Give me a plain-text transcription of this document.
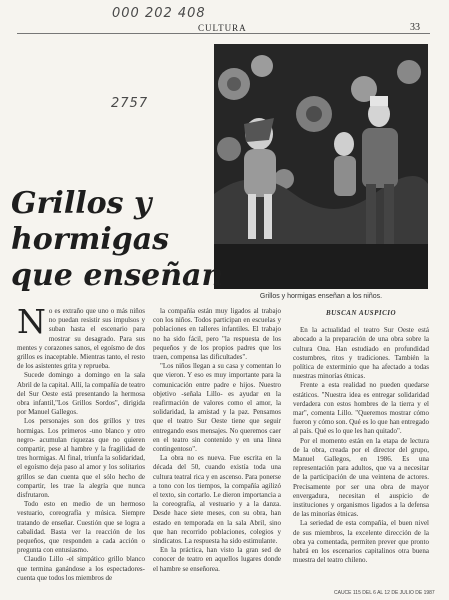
000 202 408
CULTURA	33
2757
Grillos y hormigas enseñan a los niños.
Grillos y hormigas que enseñan
N o es extraño que uno o más niños no puedan resistir sus impulsos y suban hasta el escenario para mostrar su desagrado. Para sus mentes y corazones sanos, el egoísmo de dos grillos es inaceptable. Mientras tanto, el resto de los asistentes grita y reprueba.

Sucede domingo a domingo en la sala Abril de la capital. Allí, la compañía de teatro del Sur Oeste está presentando la hermosa obra infantil,"Los Grillos Sordos", dirigida por Manuel Gallegos.

Los personajes son dos grillos y tres hormigas. Los primeros -uno blanco y otro negro- acumulan riquezas que no quieren compartir, pese al hambre y la fragilidad de tres hormigas. Al final, triunfa la solidaridad, el egoísmo deja paso al amor y los solitarios grillos se dan cuenta que el sólo hecho de compartir, les trae la alegría que nunca disfrutaron.

Todo esto en medio de un hermoso vestuario, coreografía y música. Siempre tratando de enseñar. Cuestión que se logra a cabalidad. Basta ver la reacción de los pequeños, que responden a cada acción o pregunta con entusiasmo.

Claudio Lillo -el simpático grillo blanco que termina ganándose a los espectadores- cuenta que todos los miembros de

la compañía están muy ligados al trabajo con los niños. Todos participan en escuelas y poblaciones en talleres infantiles. El trabajo no ha sido fácil, pero "la respuesta de los pequeños y de los propios padres que los traen, compensa las dificultades".

"Los niños llegan a su casa y comentan lo que vieron. Y eso es muy importante para la comunicación entre padre e hijos. Nuestro objetivo -señala Lillo- es ayudar en la reafirmación de valores como el amor, la solidaridad, la amistad y la paz. Pensamos que el teatro Sur Oeste tiene que seguir entregando esos mensajes. No queremos caer en el teatro sin contenido y en una línea contingentoso".

La obra no es nueva. Fue escrita en la década del 50, cuando existía toda una cultura teatral rica y en ascenso. Para ponerse a tono con los tiempos, la compañía agilizó el texto, sin cortarlo. Le dieron importancia a la coreografía, al vestuario y a la danza. Desde hace siete meses, con su obra, han estado en temporada en la sala Abril, sino que han recorrido poblaciones, colegios y sindicatos. La respuesta ha sido estimulante.

En la práctica, han visto la gran sed de conocer de teatro en aquellos lugares donde el hambre se enseñorea.

BUSCAN AUSPICIO

En la actualidad el teatro Sur Oeste está abocado a la preparación de una obra sobre la cultura Ona. Han estudiado en profundidad costumbres, ritos y tradiciones. También la política de exterminio que ha afectado a todas nuestras minorías étnicas.

Frente a esta realidad no pueden quedarse estáticos. "Nuestra idea es entregar solidaridad verdadera con estos hombres de la tierra y el mar", comenta Lillo. "Queremos mostrar cómo fueron y cómo son. Qué es lo que han entregado al país. Qué es lo que les han quitado".

Por el momento están en la etapa de lectura de la obra, creada por el director del grupo, Manuel Gallegos, en 1986. Es una representación para adultos, que va a necesitar de la participación de una veintena de actores. Precisamente por ser una obra de mayor envergadura, necesitan el auspicio de instituciones y organismos ligados a la defensa de las minorías étnicas.

La seriedad de esta compañía, el buen nivel de sus miembros, la excelente dirección de la obra ya comentada, permiten prever que pronto habrá en los escenarios capitalinos otra buena muestra del teatro chileno.

CAUCE 115 DEL 6 AL 12 DE JULIO DE 1987
